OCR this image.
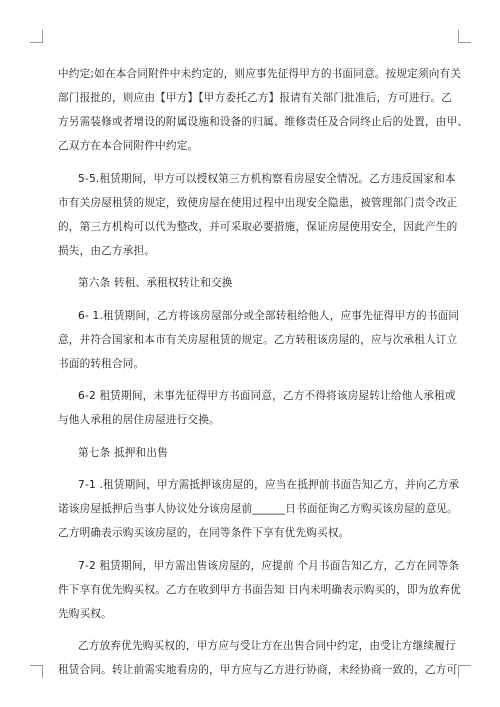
中约定;如在本合同附件中未约定的，则应事先征得甲方的书面同意。按规定须向有关
部门报批的，则应由【甲方】【甲方委托乙方】报请有关部门批准后，方可进行。乙
方另需装修或者增设的附属设施和设备的归属、维修责任及合同终止后的处置，由甲、
乙双方在本合同附件中约定。
5-5.租赁期间，甲方可以授权第三方机构察看房屋安全情况。乙方违反国家和本
市有关房屋租赁的规定，致使房屋在使用过程中出现安全隐患，被管理部门责令改正
的，第三方机构可以代为整改，并可采取必要措施，保证房屋使用安全，因此产生的
损失，由乙方承担。
第六条 转租、承租权转让和交换
6- 1.租赁期间，乙方将该房屋部分或全部转租给他人，应事先征得甲方的书面同
意，并符合国家和本市有关房屋租赁的规定。乙方转租该房屋的，应与次承租人订立
书面的转租合同。
6-2 租赁期间，未事先征得甲方书面同意，乙方不得将该房屋转让给他人承租或
与他人承租的居住房屋进行交换。
第七条 抵押和出售
7-1 .租赁期间，甲方需抵押该房屋的，应当在抵押前书面告知乙方，并向乙方承
诺该房屋抵押后当事人协议处分该房屋前______日书面征询乙方购买该房屋的意见。
乙方明确表示购买该房屋的，在同等条件下享有优先购买权。
7-2 租赁期间，甲方需出售该房屋的，应提前 个月书面告知乙方，乙方在同等条
件下享有优先购买权。乙方在收到甲方书面告知 日内未明确表示购买的，即为放弃优
先购买权。
乙方放弃优先购买权的，甲方应与受让方在出售合同中约定，由受让方继续履行
租赁合同。转让前需实地看房的，甲方应与乙方进行协商，未经协商一致的，乙方可
